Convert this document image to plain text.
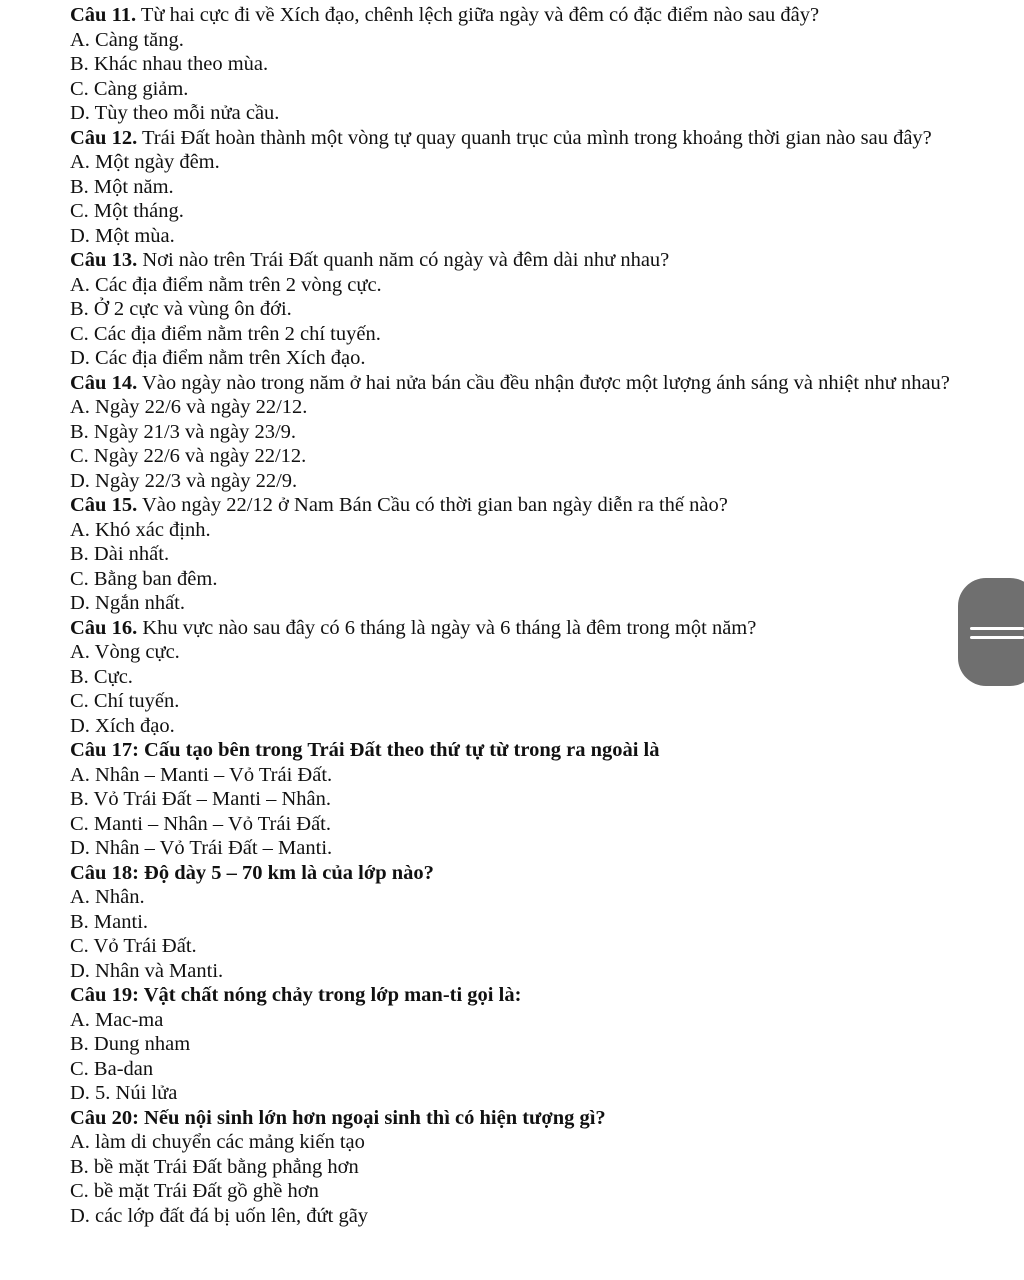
Câu 11. Từ hai cực đi về Xích đạo, chênh lệch giữa ngày và đêm có đặc điểm nào sau đây?
A. Càng tăng.
B. Khác nhau theo mùa.
C. Càng giảm.
D. Tùy theo mỗi nửa cầu.
Câu 12. Trái Đất hoàn thành một vòng tự quay quanh trục của mình trong khoảng thời gian nào sau đây?
A. Một ngày đêm.
B. Một năm.
C. Một tháng.
D. Một mùa.
Câu 13. Nơi nào trên Trái Đất quanh năm có ngày và đêm dài như nhau?
A. Các địa điểm nằm trên 2 vòng cực.
B. Ở 2 cực và vùng ôn đới.
C. Các địa điểm nằm trên 2 chí tuyến.
D. Các địa điểm nằm trên Xích đạo.
Câu 14. Vào ngày nào trong năm ở hai nửa bán cầu đều nhận được một lượng ánh sáng và nhiệt như nhau?
A. Ngày 22/6 và ngày 22/12.
B. Ngày 21/3 và ngày 23/9.
C. Ngày 22/6 và ngày 22/12.
D. Ngày 22/3 và ngày 22/9.
Câu 15. Vào ngày 22/12 ở Nam Bán Cầu có thời gian ban ngày diễn ra thế nào?
A. Khó xác định.
B. Dài nhất.
C. Bằng ban đêm.
D. Ngắn nhất.
Câu 16. Khu vực nào sau đây có 6 tháng là ngày và 6 tháng là đêm trong một năm?
A. Vòng cực.
B. Cực.
C. Chí tuyến.
D. Xích đạo.
Câu 17: Cấu tạo bên trong Trái Đất theo thứ tự từ trong ra ngoài là
A. Nhân – Manti – Vỏ Trái Đất.
B. Vỏ Trái Đất – Manti – Nhân.
C. Manti – Nhân – Vỏ Trái Đất.
D. Nhân – Vỏ Trái Đất – Manti.
Câu 18: Độ dày 5 – 70 km là của lớp nào?
A. Nhân.
B. Manti.
C. Vỏ Trái Đất.
D. Nhân và Manti.
Câu 19: Vật chất nóng chảy trong lớp man-ti gọi là:
A. Mac-ma
B. Dung nham
C. Ba-dan
D. 5. Núi lửa
Câu 20: Nếu nội sinh lớn hơn ngoại sinh thì có hiện tượng gì?
A. làm di chuyển các mảng kiến tạo
B. bề mặt Trái Đất bằng phẳng hơn
C. bề mặt Trái Đất gồ ghề hơn
D. các lớp đất đá bị uốn lên, đứt gãy
